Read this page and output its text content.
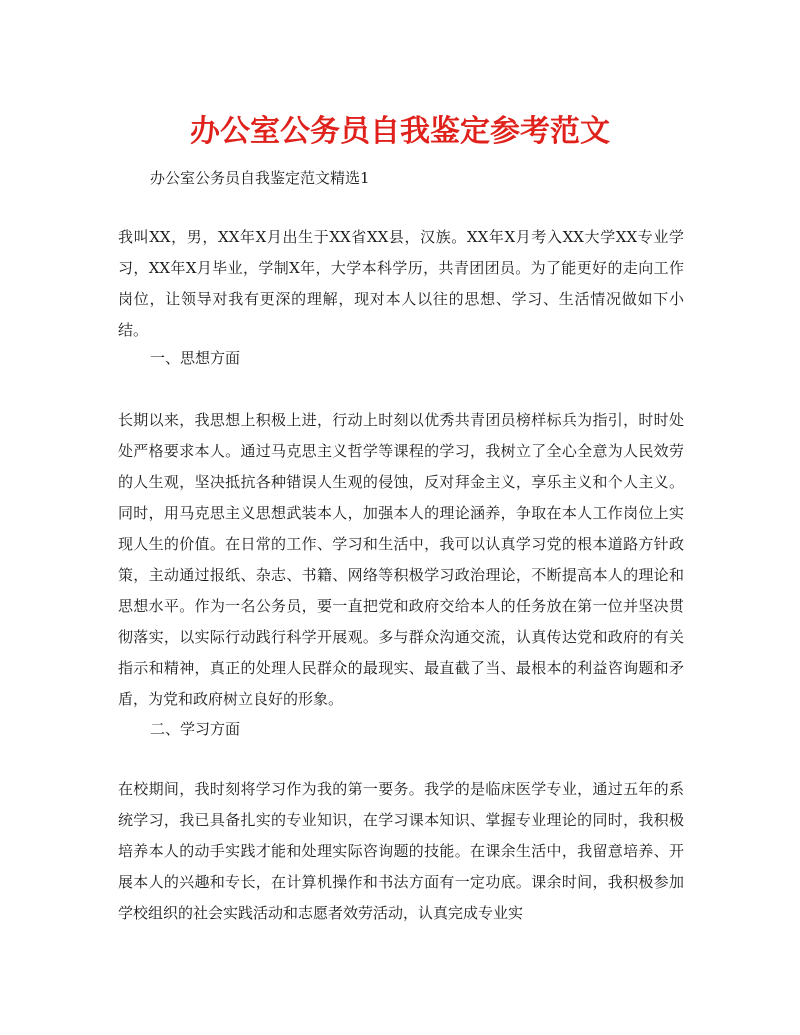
办公室公务员自我鉴定参考范文

办公室公务员自我鉴定范文精选1

我叫XX，男，XX年X月出生于XX省XX县，汉族。XX年X月考入XX大学XX专业学习，XX年X月毕业，学制X年，大学本科学历，共青团团员。为了能更好的走向工作岗位，让领导对我有更深的理解，现对本人以往的思想、学习、生活情况做如下小结。

一、思想方面

长期以来，我思想上积极上进，行动上时刻以优秀共青团员榜样标兵为指引，时时处处严格要求本人。通过马克思主义哲学等课程的学习，我树立了全心全意为人民效劳的人生观，坚决抵抗各种错误人生观的侵蚀，反对拜金主义，享乐主义和个人主义。同时，用马克思主义思想武装本人，加强本人的理论涵养，争取在本人工作岗位上实现人生的价值。在日常的工作、学习和生活中，我可以认真学习党的根本道路方针政策，主动通过报纸、杂志、书籍、网络等积极学习政治理论，不断提高本人的理论和思想水平。作为一名公务员，要一直把党和政府交给本人的任务放在第一位并坚决贯彻落实，以实际行动践行科学开展观。多与群众沟通交流，认真传达党和政府的有关指示和精神，真正的处理人民群众的最现实、最直截了当、最根本的利益咨询题和矛盾，为党和政府树立良好的形象。

二、学习方面

在校期间，我时刻将学习作为我的第一要务。我学的是临床医学专业，通过五年的系统学习，我已具备扎实的专业知识，在学习课本知识、掌握专业理论的同时，我积极培养本人的动手实践才能和处理实际咨询题的技能。在课余生活中，我留意培养、开展本人的兴趣和专长，在计算机操作和书法方面有一定功底。课余时间，我积极参加学校组织的社会实践活动和志愿者效劳活动，认真完成专业实
